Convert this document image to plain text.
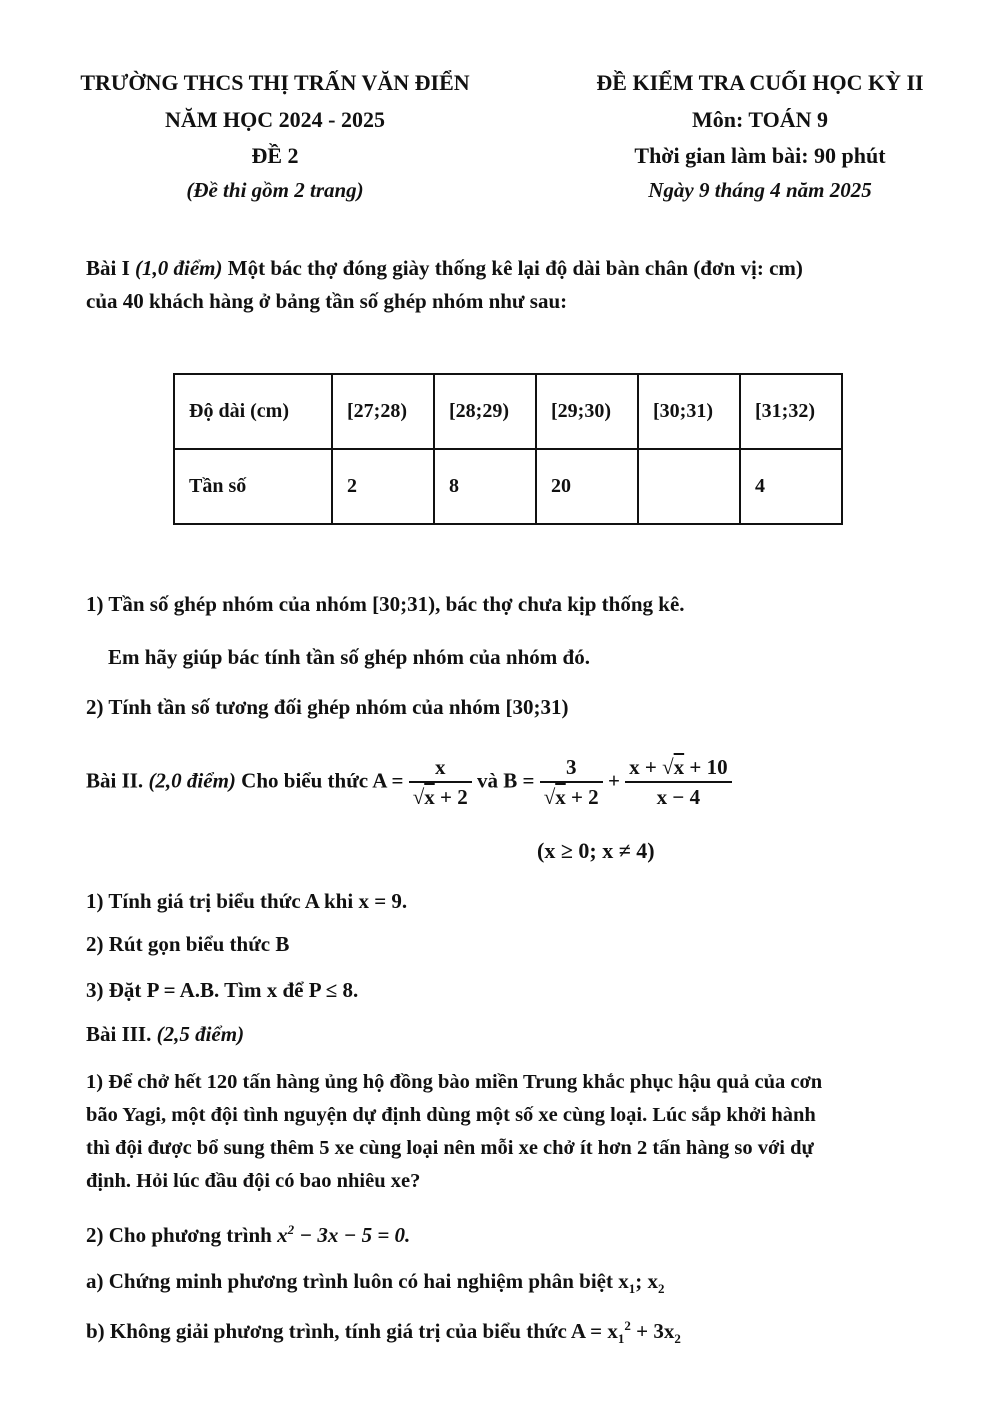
TRƯỜNG THCS THỊ TRẤN VĂN ĐIỂN
NĂM HỌC 2024 - 2025
ĐỀ 2
(Đề thi gồm 2 trang)
ĐỀ KIỂM TRA CUỐI HỌC KỲ II
Môn: TOÁN 9
Thời gian làm bài: 90 phút
Ngày 9 tháng 4 năm 2025
Bài I (1,0 điểm) Một bác thợ đóng giày thống kê lại độ dài bàn chân (đơn vị: cm)
của 40 khách hàng ở bảng tần số ghép nhóm như sau:
Độ dài (cm)	[27;28)	[28;29)	[29;30)	[30;31)	[31;32)
Tần số	2	8	20		4
1) Tần số ghép nhóm của nhóm [30;31), bác thợ chưa kịp thống kê.
Em hãy giúp bác tính tần số ghép nhóm của nhóm đó.
2) Tính tần số tương đối ghép nhóm của nhóm [30;31)
Bài II. (2,0 điểm) Cho biểu thức $A = \frac{x}{√x + 2}$ và $B = \frac{3}{√x + 2} + \frac{x + √x + 10}{x - 4}$
(x ≥ 0; x ≠ 4)
1) Tính giá trị biểu thức A khi x = 9.
2) Rút gọn biểu thức B
3) Đặt P = A.B. Tìm x để P ≤ 8.
Bài III. (2,5 điểm)
1) Để chở hết 120 tấn hàng ủng hộ đồng bào miền Trung khắc phục hậu quả của cơn
bão Yagi, một đội tình nguyện dự định dùng một số xe cùng loại. Lúc sắp khởi hành
thì đội được bổ sung thêm 5 xe cùng loại nên mỗi xe chở ít hơn 2 tấn hàng so với dự
định. Hỏi lúc đầu đội có bao nhiêu xe?
2) Cho phương trình $x^2 - 3x - 5 = 0$.
a) Chứng minh phương trình luôn có hai nghiệm phân biệt $x_1$; $x_2$
b) Không giải phương trình, tính giá trị của biểu thức $A = x_1^2 + 3x_2$
